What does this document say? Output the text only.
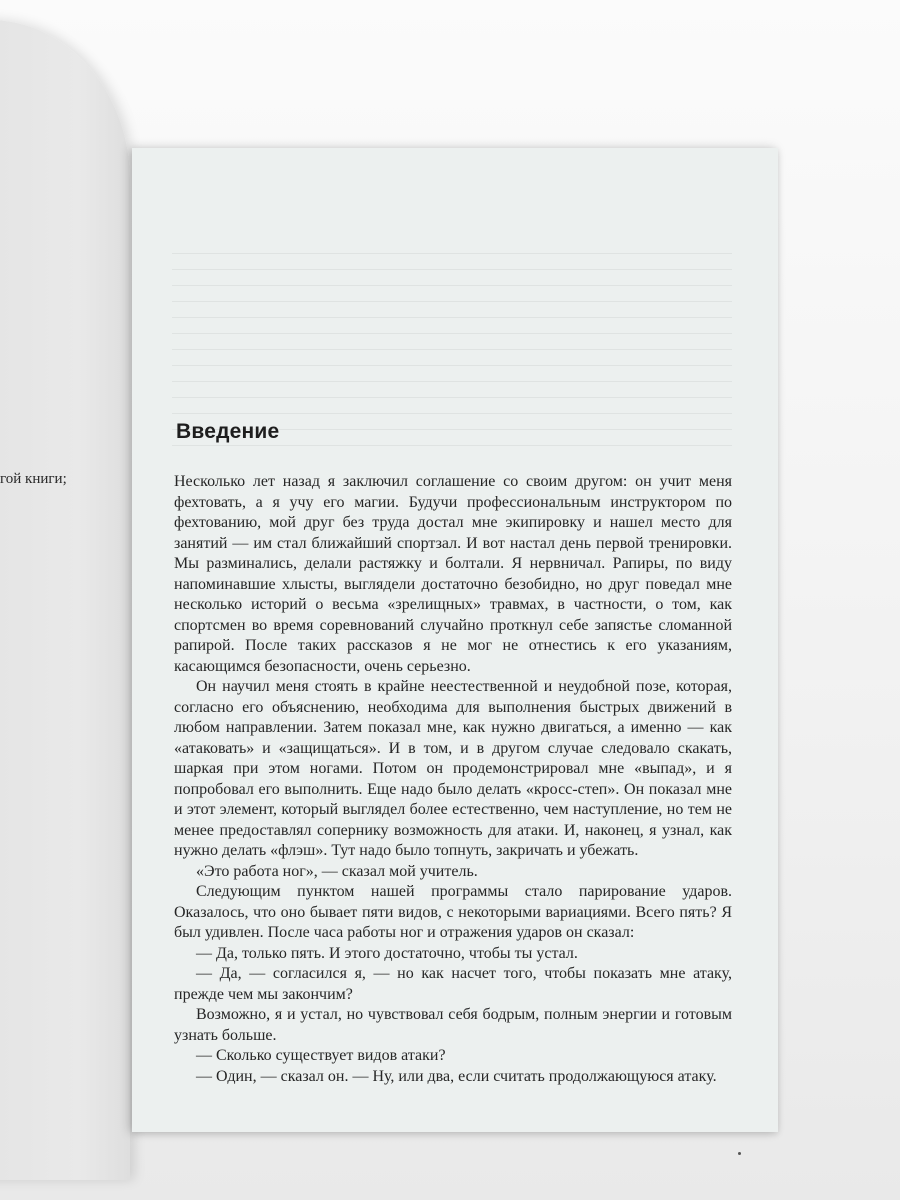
гой книги;
Введение

Несколько лет назад я заключил соглашение со своим другом: он учит меня фехтовать, а я учу его магии. Будучи профессиональным инструктором по фехтованию, мой друг без труда достал мне экипировку и нашел место для занятий — им стал ближайший спортзал. И вот настал день первой тренировки. Мы разминались, делали растяжку и болтали. Я нервничал. Рапиры, по виду напоминавшие хлысты, выглядели достаточно безобидно, но друг поведал мне несколько историй о весьма «зрелищных» травмах, в частности, о том, как спортсмен во время соревнований случайно проткнул себе запястье сломанной рапирой. После таких рассказов я не мог не отнестись к его указаниям, касающимся безопасности, очень серьезно.

Он научил меня стоять в крайне неестественной и неудобной позе, которая, согласно его объяснению, необходима для выполнения быстрых движений в любом направлении. Затем показал мне, как нужно двигаться, а именно — как «атаковать» и «защищаться». И в том, и в другом случае следовало скакать, шаркая при этом ногами. Потом он продемонстрировал мне «выпад», и я попробовал его выполнить. Еще надо было делать «кросс-степ». Он показал мне и этот элемент, который выглядел более естественно, чем наступление, но тем не менее предоставлял сопернику возможность для атаки. И, наконец, я узнал, как нужно делать «флэш». Тут надо было топнуть, закричать и убежать.

«Это работа ног», — сказал мой учитель.

Следующим пунктом нашей программы стало парирование ударов. Оказалось, что оно бывает пяти видов, с некоторыми вариациями. Всего пять? Я был удивлен. После часа работы ног и отражения ударов он сказал:

— Да, только пять. И этого достаточно, чтобы ты устал.

— Да, — согласился я, — но как насчет того, чтобы показать мне атаку, прежде чем мы закончим?

Возможно, я и устал, но чувствовал себя бодрым, полным энергии и готовым узнать больше.

— Сколько существует видов атаки?

— Один, — сказал он. — Ну, или два, если считать продолжающуюся атаку.
